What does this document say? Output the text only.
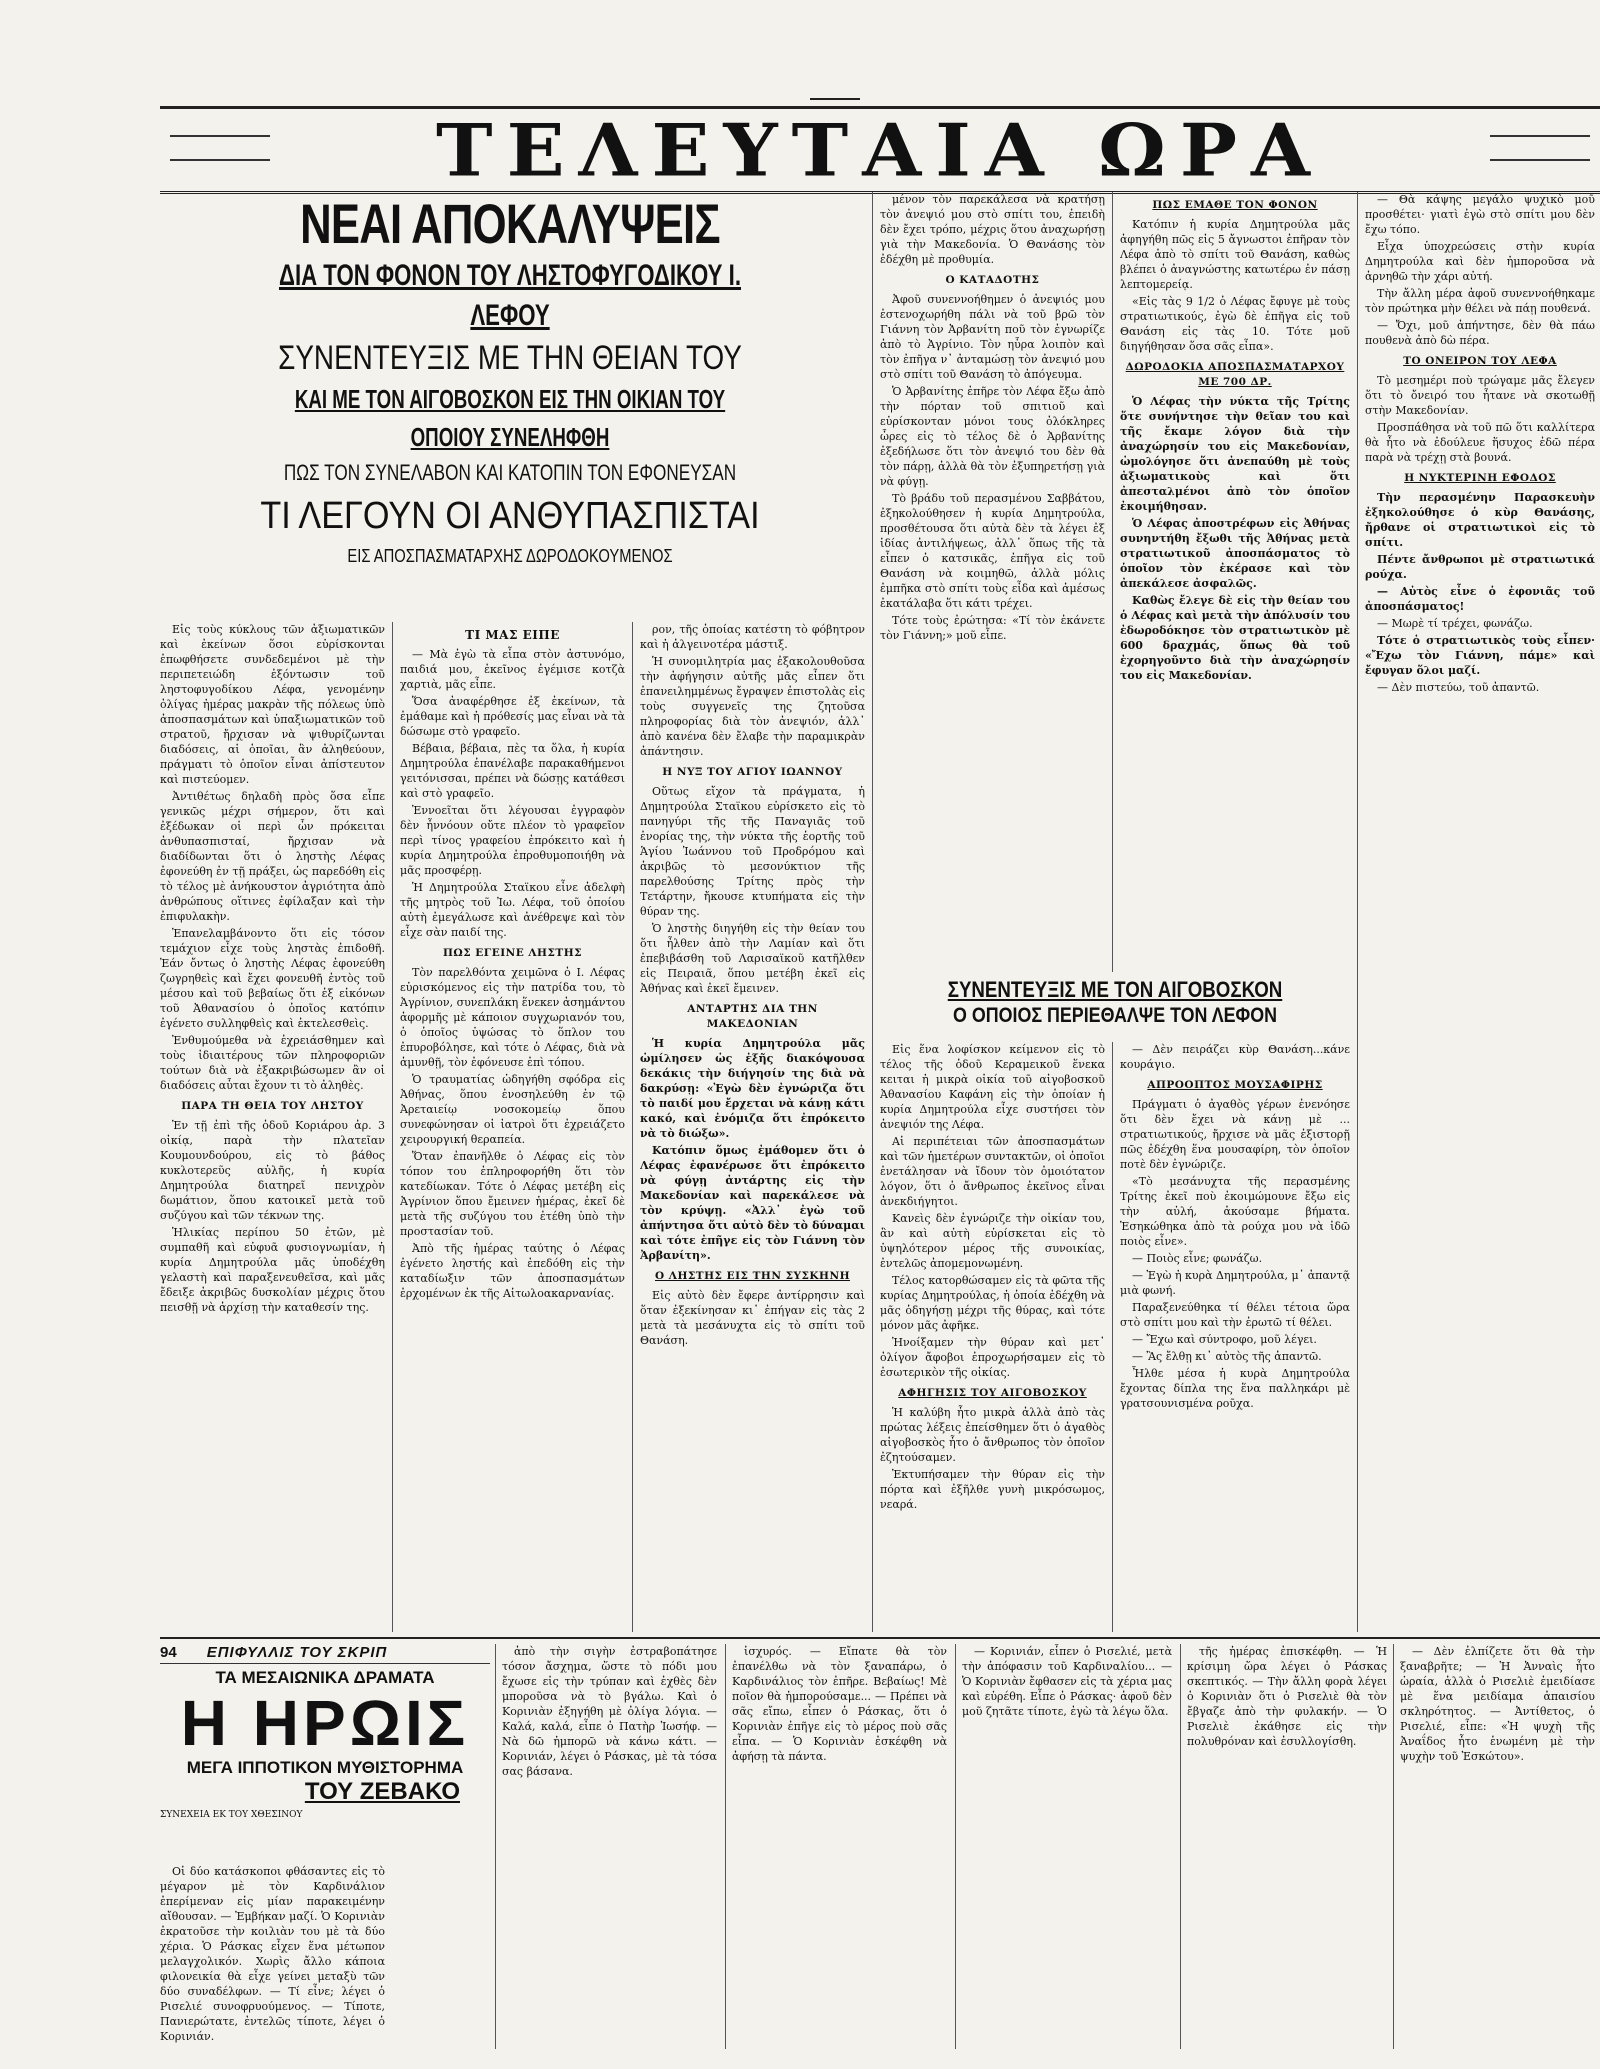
ΤΕΛΕΥΤΑΙΑ ΩΡΑ
ΝΕΑΙ ΑΠΟΚΑΛΥΨΕΙΣ
ΔΙΑ ΤΟΝ ΦΟΝΟΝ ΤΟΥ ΛΗΣΤΟΦΥΓΟΔΙΚΟΥ Ι. ΛΕΦΟΥ
ΣΥΝΕΝΤΕΥΞΙΣ ΜΕ ΤΗΝ ΘΕΙΑΝ ΤΟΥ
ΚΑΙ ΜΕ ΤΟΝ ΑΙΓΟΒΟΣΚΟΝ ΕΙΣ ΤΗΝ ΟΙΚΙΑΝ ΤΟΥ ΟΠΟΙΟΥ ΣΥΝΕΛΗΦΘΗ
ΠΩΣ ΤΟΝ ΣΥΝΕΛΑΒΟΝ ΚΑΙ ΚΑΤΟΠΙΝ ΤΟΝ ΕΦΟΝΕΥΣΑΝ
ΤΙ ΛΕΓΟΥΝ ΟΙ ΑΝΘΥΠΑΣΠΙΣΤΑΙ
ΕΙΣ ΑΠΟΣΠΑΣΜΑΤΑΡΧΗΣ ΔΩΡΟΔΟΚΟΥΜΕΝΟΣ

Εἰς τοὺς κύκλους τῶν ἀξιωματικῶν καὶ ἐκείνων ὅσοι εὑρίσκονται ἐπωφθήσετε συνδεδεμένοι μὲ τὴν περιπετειώδη ἐξόντωσιν τοῦ ληστοφυγοδίκου Λέφα, γενομένην ὀλίγας ἡμέρας μακρὰν τῆς πόλεως ὑπὸ ἀποσπασμάτων καὶ ὑπαξιωματικῶν τοῦ στρατοῦ, ἤρχισαν νὰ ψιθυρίζωνται διαδόσεις, αἱ ὁποῖαι, ἂν ἀληθεύουν, πράγματι τὸ ὁποῖον εἶναι ἀπίστευτον καὶ πιστεύομεν.

Ἀντιθέτως δηλαδὴ πρὸς ὅσα εἶπε γενικῶς μέχρι σήμερον, ὅτι καὶ ἐξέδωκαν οἱ περὶ ὧν πρόκειται ἀνθυπασπισταί, ἤρχισαν νὰ διαδίδωνται ὅτι ὁ ληστὴς Λέφας ἐφονεύθη ἐν τῇ πράξει, ὡς παρεδόθη εἰς τὸ τέλος μὲ ἀνήκουστον ἀγριότητα ἀπὸ ἀνθρώπους οἵτινες ἐφίλαξαν καὶ τὴν ἐπιφυλακὴν.

Ἐπανελαμβάνοντο ὅτι εἰς τόσον τεμάχιον εἶχε τοὺς ληστὰς ἐπιδοθῆ. Ἐάν ὄντως ὁ ληστὴς Λέφας ἐφονεύθη ζωγρηθεὶς καὶ ἔχει φονευθῆ ἐντὸς τοῦ μέσου καὶ τοῦ βεβαίως ὅτι ἐξ εἰκόνων τοῦ Ἀθανασίου ὁ ὁποῖος κατόπιν ἐγένετο συλληφθεὶς καὶ ἐκτελεσθεὶς.

Ἐνθυμούμεθα νὰ ἐχρειάσθημεν καὶ τοὺς ἰδιαιτέρους τῶν πληροφοριῶν τούτων διὰ νὰ ἐξακριβώσωμεν ἂν οἱ διαδόσεις αὗται ἔχουν τι τὸ ἀληθὲς.

ΠΑΡΑ ΤΗ ΘΕΙΑ ΤΟΥ ΛΗΣΤΟΥ

Ἐν τῇ ἐπὶ τῆς ὁδοῦ Κοριάρου ἀρ. 3 οἰκίᾳ, παρὰ τὴν πλατεῖαν Κουμουνδούρου, εἰς τὸ βάθος κυκλοτερεῦς αὐλῆς, ἡ κυρία Δημητρούλα διατηρεῖ πενιχρὸν δωμάτιον, ὅπου κατοικεῖ μετὰ τοῦ συζύγου καὶ τῶν τέκνων της.

Ἡλικίας περίπου 50 ἐτῶν, μὲ συμπαθῆ καὶ εὐφυᾶ φυσιογνωμίαν, ἡ κυρία Δημητρούλα μᾶς ὑποδέχθη γελαστὴ καὶ παραξενευθεῖσα, καὶ μᾶς ἔδειξε ἀκριβῶς δυσκολίαν μέχρις ὅτου πεισθῇ νὰ ἀρχίσῃ τὴν καταθεσίν της.

ΤΙ ΜΑΣ ΕΙΠΕ

— Μὰ ἐγὼ τὰ εἶπα στὸν ἀστυνόμο, παιδιά μου, ἐκεῖνος ἐγέμισε κοτζὰ χαρτιὰ, μᾶς εἶπε.

Ὅσα ἀναφέρθησε ἐξ ἐκείνων, τὰ ἐμάθαμε καὶ ἡ πρόθεσίς μας εἶναι νὰ τὰ δώσωμε στὸ γραφεῖο.

Βέβαια, βέβαια, πὲς τα ὅλα, ἡ κυρία Δημητρούλα ἐπανέλαβε παρακαθήμενοι γειτόνισσαι, πρέπει νὰ δώσῃς κατάθεσι καὶ στὸ γραφεῖο.

Ἐννοεῖται ὅτι λέγουσαι ἐγγραφὸν δὲν ἦννόουν οὔτε πλέον τὸ γραφεῖον περὶ τίνος γραφείου ἐπρόκειτο καὶ ἡ κυρία Δημητρούλα ἐπροθυμοποιήθη νὰ μᾶς προσφέρῃ.

Ἡ Δημητρούλα Σταϊκου εἶνε ἀδελφὴ τῆς μητρὸς τοῦ Ἰω. Λέφα, τοῦ ὁποίου αὐτὴ ἐμεγάλωσε καὶ ἀνέθρεψε καὶ τὸν εἶχε σὰν παιδί της.

ΠΩΣ ΕΓΕΙΝΕ ΛΗΣΤΗΣ

Τὸν παρελθόντα χειμῶνα ὁ Ι. Λέφας εὑρισκόμενος εἰς τὴν πατρίδα του, τὸ Ἀγρίνιον, συνεπλάκη ἕνεκεν ἀσημάντου ἀφορμῆς μὲ κάποιον συγχωριανόν του, ὁ ὁποῖος ὑψώσας τὸ ὅπλον του ἐπυροβόλησε, καὶ τότε ὁ Λέφας, διὰ νὰ ἀμυνθῇ, τὸν ἐφόνευσε ἐπὶ τόπου.

Ὁ τραυματίας ὡδηγήθη σφόδρα εἰς Ἀθήνας, ὅπου ἐνοσηλεύθη ἐν τῷ Ἀρεταιείῳ νοσοκομείῳ ὅπου συνεφώνησαν οἱ ἰατροὶ ὅτι ἐχρειάζετο χειρουργική θεραπεία.

Ὅταν ἐπανῆλθε ὁ Λέφας εἰς τὸν τόπον του ἐπληροφορήθη ὅτι τὸν κατεδίωκαν. Τότε ὁ Λέφας μετέβη εἰς Ἀγρίνιον ὅπου ἔμεινεν ἡμέρας, ἐκεῖ δὲ μετὰ τῆς συζύγου του ἐτέθη ὑπὸ τὴν προστασίαν τοῦ.

Ἀπὸ τῆς ἡμέρας ταύτης ὁ Λέφας ἐγένετο ληστής καὶ ἐπεδόθη εἰς τὴν καταδίωξιν τῶν ἀποσπασμάτων ἐρχομένων ἐκ τῆς Αἰτωλοακαρνανίας.

ρον, τῆς ὁποίας κατέστη τὸ φόβητρον καὶ ἡ ἀλγεινοτέρα μάστιξ.

Ἡ συνομιλητρία μας ἐξακολουθοῦσα τὴν ἀφήγησιν αὐτῆς μᾶς εἶπεν ὅτι ἐπανειλημμένως ἔγραψεν ἐπιστολὰς εἰς τοὺς συγγενεῖς της ζητοῦσα πληροφορίας διὰ τὸν ἀνεψιόν, ἀλλ᾽ ἀπὸ κανένα δὲν ἔλαβε τὴν παραμικρὰν ἀπάντησιν.

Η ΝΥΞ ΤΟΥ ΑΓΙΟΥ ΙΩΑΝΝΟΥ

Οὕτως εἴχον τὰ πράγματα, ἡ Δημητρούλα Σταϊκου εὑρίσκετο εἰς τὸ πανηγύρι τῆς τῆς Παναγιᾶς τοῦ ἐνορίας της, τὴν νύκτα τῆς ἑορτῆς τοῦ Ἁγίου Ἰωάννου τοῦ Προδρόμου καὶ ἀκριβῶς τὸ μεσονύκτιον τῆς παρελθούσης Τρίτης πρὸς τὴν Τετάρτην, ἤκουσε κτυπήματα εἰς τὴν θύραν της.

Ὁ ληστὴς διηγήθη εἰς τὴν θείαν του ὅτι ἦλθεν ἀπὸ τὴν Λαμίαν καὶ ὅτι ἐπεβιβάσθη τοῦ Λαρισαϊκοῦ κατῆλθεν εἰς Πειραιᾶ, ὅπου μετέβη ἐκεῖ εἰς Ἀθήνας καὶ ἐκεῖ ἔμεινεν.

ΑΝΤΑΡΤΗΣ ΔΙΑ ΤΗΝ ΜΑΚΕΔΟΝΙΑΝ

Ἡ κυρία Δημητρούλα μᾶς ὡμίλησεν ὡς ἐξῆς διακόψουσα δεκάκις τὴν διήγησίν της διὰ νὰ δακρύσῃ: «Ἐγὼ δὲν ἐγνώριζα ὅτι τὸ παιδί μου ἔρχεται νὰ κάνῃ κάτι κακό, καὶ ἐνόμιζα ὅτι ἐπρόκειτο νὰ τὸ διώξω».

Κατόπιν ὅμως ἐμάθομεν ὅτι ὁ Λέφας ἐφανέρωσε ὅτι ἐπρόκειτο νὰ φύγῃ ἀντάρτης εἰς τὴν Μακεδονίαν καὶ παρεκάλεσε νὰ τὸν κρύψῃ. «Ἀλλ᾽ ἐγὼ τοῦ ἀπήντησα ὅτι αὐτὸ δὲν τὸ δύναμαι καὶ τότε ἐπῆγε εἰς τὸν Γιάννη τὸν Ἀρβανίτη».

Ο ΛΗΣΤΗΣ ΕΙΣ ΤΗΝ ΣΥΣΚΗΝΗ

Εἰς αὐτὸ δὲν ἔφερε ἀντίρρησιν καὶ ὅταν ἐξεκίνησαν κι᾽ ἐπήγαν εἰς τὰς 2 μετὰ τὰ μεσάνυχτα εἰς τὸ σπίτι τοῦ Θανάση.

μένον τὸν παρεκάλεσα νὰ κρατήσῃ τὸν ἀνεψιό μου στὸ σπίτι του, ἐπειδὴ δὲν ἔχει τρόπο, μέχρις ὅτου ἀναχωρήσῃ γιὰ τὴν Μακεδονία. Ὁ Θανάσης τὸν ἐδέχθη μὲ προθυμία.

Ο ΚΑΤΑΔΟΤΗΣ

Ἀφοῦ συνεννοήθημεν ὁ ἀνεψιός μου ἐστενοχωρήθη πάλι νὰ τοῦ βρῶ τὸν Γιάννη τὸν Ἀρβανίτη ποῦ τὸν ἐγνωρίζε ἀπὸ τὸ Ἀγρίνιο. Τὸν ηὗρα λοιπὸν καὶ τὸν ἐπῆγα ν᾽ ἀνταμώσῃ τὸν ἀνεψιό μου στὸ σπίτι τοῦ Θανάση τὸ ἀπόγευμα.

Ὁ Ἀρβανίτης ἐπῆρε τὸν Λέφα ἔξω ἀπὸ τὴν πόρταν τοῦ σπιτιοῦ καὶ εὑρίσκονταν μόνοι τους ὀλόκληρες ὧρες εἰς τὸ τέλος δὲ ὁ Ἀρβανίτης ἐξεδήλωσε ὅτι τὸν ἀνεψιό του δὲν θὰ τὸν πάρῃ, ἀλλὰ θὰ τὸν ἐξυπηρετήσῃ γιὰ νὰ φύγῃ.

Τὸ βράδυ τοῦ περασμένου Σαββάτου, ἐξηκολούθησεν ἡ κυρία Δημητρούλα, προσθέτουσα ὅτι αὐτὰ δὲν τὰ λέγει ἐξ ἰδίας ἀντιλήψεως, ἀλλ᾽ ὅπως τῆς τὰ εἶπεν ὁ κατσικᾶς, ἐπῆγα εἰς τοῦ Θανάση νὰ κοιμηθῶ, ἀλλὰ μόλις ἐμπῆκα στὸ σπίτι τοὺς εἶδα καὶ ἀμέσως ἐκατάλαβα ὅτι κάτι τρέχει.

Τότε τοὺς ἐρώτησα: «Τί τὸν ἐκάνετε τὸν Γιάννη;» μοῦ εἶπε.

ΠΩΣ ΕΜΑΘΕ ΤΟΝ ΦΟΝΟΝ

Κατόπιν ἡ κυρία Δημητρούλα μᾶς ἀφηγήθη πῶς εἰς 5 ἄγνωστοι ἐπῆραν τὸν Λέφα ἀπὸ τὸ σπίτι τοῦ Θανάση, καθὼς βλέπει ὁ ἀναγνώστης κατωτέρω ἐν πάσῃ λεπτομερείᾳ.

«Εἰς τὰς 9 1/2 ὁ Λέφας ἔφυγε μὲ τοὺς στρατιωτικούς, ἐγὼ δὲ ἐπῆγα εἰς τοῦ Θανάση εἰς τὰς 10. Τότε μοῦ διηγήθησαν ὅσα σᾶς εἶπα».

ΔΩΡΟΔΟΚΙΑ ΑΠΟΣΠΑΣΜΑΤΑΡΧΟΥ ΜΕ 700 ΔΡ.

Ὁ Λέφας τὴν νύκτα τῆς Τρίτης ὅτε συνήντησε τὴν θεῖαν του καὶ τῆς ἔκαμε λόγον διὰ τὴν ἀναχώρησίν του εἰς Μακεδονίαν, ὡμολόγησε ὅτι ἀνεπαύθη μὲ τοὺς ἀξιωματικοὺς καὶ ὅτι ἀπεσταλμένοι ἀπὸ τὸν ὁποῖον ἐκοιμήθησαν.

Ὁ Λέφας ἀποστρέφων εἰς Ἀθήνας συνηντήθη ἔξωθι τῆς Ἀθήνας μετὰ στρατιωτικοῦ ἀποσπάσματος τὸ ὁποῖον τὸν ἐκέρασε καὶ τὸν ἀπεκάλεσε ἀσφαλῶς.

Καθὼς ἔλεγε δὲ εἰς τὴν θείαν του ὁ Λέφας καὶ μετὰ τὴν ἀπόλυσίν του ἐδωροδόκησε τὸν στρατιωτικὸν μὲ 600 δραχμάς, ὅπως θὰ τοῦ ἐχορηγοῦντο διὰ τὴν ἀναχώρησίν του εἰς Μακεδονίαν.

ΣΥΝΕΝΤΕΥΞΙΣ ΜΕ ΤΟΝ ΑΙΓΟΒΟΣΚΟΝ
Ο ΟΠΟΙΟΣ ΠΕΡΙΕΘΑΛΨΕ ΤΟΝ ΛΕΦΟΝ

Εἰς ἕνα λοφίσκον κείμενον εἰς τὸ τέλος τῆς ὁδοῦ Κεραμεικοῦ ἕνεκα κειται ἡ μικρὰ οἰκία τοῦ αἰγοβοσκοῦ Ἀθανασίου Καφάνη εἰς τὴν ὁποίαν ἡ κυρία Δημητρούλα εἶχε συστήσει τὸν ἀνεψιόν της Λέφα.

Αἱ περιπέτειαι τῶν ἀποσπασμάτων καὶ τῶν ἡμετέρων συντακτῶν, οἱ ὁποῖοι ἐνετάλησαν νὰ ἴδουν τὸν ὁμοιότατον λόγον, ὅτι ὁ ἄνθρωπος ἐκεῖνος εἶναι ἀνεκδιήγητοι.

Κανεὶς δὲν ἐγνώριζε τὴν οἰκίαν του, ἂν καὶ αὐτὴ εὑρίσκεται εἰς τὸ ὑψηλότερον μέρος τῆς συνοικίας, ἐντελῶς ἀπομεμονωμένη.

Τέλος κατορθώσαμεν εἰς τὰ φῶτα τῆς κυρίας Δημητρούλας, ἡ ὁποία ἐδέχθη νὰ μᾶς ὁδηγήσῃ μέχρι τῆς θύρας, καὶ τότε μόνον μᾶς ἀφῆκε.

Ἠνοίξαμεν τὴν θύραν καὶ μετ᾽ ὀλίγον ἄφοβοι ἐπροχωρήσαμεν εἰς τὸ ἐσωτερικὸν τῆς οἰκίας.

ΑΦΗΓΗΣΙΣ ΤΟΥ ΑΙΓΟΒΟΣΚΟΥ

Ἡ καλύβη ἧτο μικρὰ ἀλλὰ ἀπὸ τὰς πρώτας λέξεις ἐπείσθημεν ὅτι ὁ ἀγαθὸς αἰγοβοσκὸς ἦτο ὁ ἄνθρωπος τὸν ὁποῖον ἐζητούσαμεν.

Ἐκτυπήσαμεν τὴν θύραν εἰς τὴν πόρτα καὶ ἐξῆλθε γυνὴ μικρόσωμος, νεαρά.

— Δὲν πειράζει κὺρ Θανάση...κάνε κουράγιο.

ΑΠΡΟΟΠΤΟΣ ΜΟΥΣΑΦΙΡΗΣ

Πράγματι ὁ ἀγαθὸς γέρων ἐνενόησε ὅτι δὲν ἔχει νὰ κάνῃ μὲ ... στρατιωτικούς, ἤρχισε νὰ μᾶς ἐξιστορῇ πῶς ἐδέχθη ἕνα μουσαφίρη, τὸν ὁποῖον ποτὲ δὲν ἐγνώριζε.

«Τὸ μεσάνυχτα τῆς περασμένης Τρίτης ἐκεῖ ποὺ ἐκοιμώμουνε ἔξω εἰς τὴν αὐλή, ἀκούσαμε βήματα. Ἐσηκώθηκα ἀπὸ τὰ ρούχα μου νὰ ἰδῶ ποιὸς εἶνε».

— Ποιὸς εἶνε; φωνάζω.

— Ἐγὼ ἡ κυρὰ Δημητρούλα, μ᾽ ἀπαντᾷ μιὰ φωνή.

Παραξενεύθηκα τί θέλει τέτοια ὥρα στὸ σπίτι μου καὶ τὴν ἐρωτῶ τί θέλει.

— Ἔχω καὶ σύντροφο, μοῦ λέγει.

— Ἂς ἔλθῃ κι᾽ αὐτὸς τῆς ἀπαντῶ.

Ἦλθε μέσα ἡ κυρὰ Δημητρούλα ἔχοντας δίπλα της ἕνα παλληκάρι μὲ γρατσουνισμένα ροῦχα.

— Θὰ κάψης μεγάλο ψυχικὸ μοῦ προσθέτει· γιατὶ ἐγὼ στὸ σπίτι μου δὲν ἔχω τόπο.

Εἶχα ὑποχρεώσεις στὴν κυρία Δημητρούλα καὶ δὲν ἠμποροῦσα νὰ ἀρνηθῶ τὴν χάρι αὐτή.

Τὴν ἄλλη μέρα ἀφοῦ συνεννοήθηκαμε τὸν πρώτηκα μὴν θέλει νὰ πάῃ πουθενά.

— Ὄχι, μοῦ ἀπήντησε, δὲν θὰ πάω πουθενὰ ἀπὸ δὼ πέρα.

ΤΟ ΟΝΕΙΡΟΝ ΤΟΥ ΛΕΦΑ

Τὸ μεσημέρι ποὺ τρώγαμε μᾶς ἔλεγεν ὅτι τὸ ὄνειρό του ἦτανε νὰ σκοτωθῇ στὴν Μακεδονίαν.

Προσπάθησα νὰ τοῦ πῶ ὅτι καλλίτερα θὰ ἦτο νὰ ἐδούλευε ἥσυχος ἐδῶ πέρα παρὰ νὰ τρέχῃ στὰ βουνά.

Η ΝΥΚΤΕΡΙΝΗ ΕΦΟΔΟΣ

Τὴν περασμένην Παρασκευὴν ἐξηκολούθησε ὁ κὺρ Θανάσης, ἤρθανε οἱ στρατιωτικοὶ εἰς τὸ σπίτι.

Πέντε ἄνθρωποι μὲ στρατιωτικά ρούχα.

— Αὐτὸς εἶνε ὁ ἐφονιᾶς τοῦ ἀποσπάσματος!

— Μωρὲ τί τρέχει, φωνάζω.

Τότε ὁ στρατιωτικὸς τοὺς εἶπεν· «Ἔχω τὸν Γιάννη, πάμε» καὶ ἔφυγαν ὅλοι μαζί.

— Δὲν πιστεύω, τοῦ ἀπαντῶ.

94 ΕΠΙΦΥΛΛΙΣ ΤΟΥ ΣΚΡΙΠ
ΤΑ ΜΕΣΑΙΩΝΙΚΑ ΔΡΑΜΑΤΑ
Η ΗΡΩΙΣ
ΜΕΓΑ ΙΠΠΟΤΙΚΟΝ ΜΥΘΙΣΤΟΡΗΜΑ
ΤΟΥ ΖΕΒΑΚΟ
ΣΥΝΕΧΕΙΑ ΕΚ ΤΟΥ ΧΘΕΣΙΝΟΥ

Οἱ δύο κατάσκοποι φθάσαντες εἰς τὸ μέγαρον μὲ τὸν Καρδινάλιον ἐπερίμεναν εἰς μίαν παρακειμένην αἴθουσαν. — Ἐμβήκαν μαζί. Ὁ Κορινιὰν ἐκρατοῦσε τὴν κοιλιὰν του μὲ τὰ δύο χέρια. Ὁ Ράσκας εἶχεν ἕνα μέτωπον μελαγχολικόν. Χωρὶς ἄλλο κάποια φιλονεικία θὰ εἶχε γείνει μεταξὺ τῶν δύο συναδέλφων. — Τί εἶνε; λέγει ὁ Ρισελιέ συνοφρυούμενος. — Τίποτε, Πανιερώτατε, ἐντελῶς τίποτε, λέγει ὁ Κορινιάν.

ἀπὸ τὴν σιγὴν ἐστραβοπάτησε τόσον ἄσχημα, ὥστε τὸ πόδι μου ἔχωσε εἰς τὴν τρύπαν καὶ ἐχθὲς δὲν μποροῦσα νὰ τὸ βγάλω. Καὶ ὁ Κορινιὰν ἐξηγήθη μὲ ὀλίγα λόγια. — Καλά, καλά, εἶπε ὁ Πατὴρ Ἰωσήφ. — Νὰ δῶ ἠμπορῶ νὰ κάνω κάτι. — Κορινιάν, λέγει ὁ Ράσκας, μὲ τὰ τόσα σας βάσανα.

ἰσχυρός. — Εἴπατε θὰ τὸν ἐπανέλθω νὰ τὸν ξαναπάρω, ὁ Καρδινάλιος τὸν ἐπῆρε. Βεβαίως! Μὲ ποῖον θὰ ἠμπορούσαμε... — Πρέπει νὰ σᾶς εἴπω, εἶπεν ὁ Ράσκας, ὅτι ὁ Κορινιὰν ἐπῆγε εἰς τὸ μέρος ποὺ σᾶς εἶπα. — Ὁ Κορινιὰν ἐσκέφθη νὰ ἀφήσῃ τὰ πάντα.

— Κορινιάν, εἶπεν ὁ Ρισελιέ, μετὰ τὴν ἀπόφασιν τοῦ Καρδιναλίου... — Ὁ Κορινιὰν ἔφθασεν εἰς τὰ χέρια μας καὶ εὑρέθη. Εἶπε ὁ Ράσκας· ἀφοῦ δὲν μοῦ ζητᾶτε τίποτε, ἐγὼ τὰ λέγω ὅλα.

τῆς ἡμέρας ἐπισκέφθη. — Ἡ κρίσιμη ὥρα λέγει ὁ Ράσκας σκεπτικός. — Τὴν ἄλλη φορὰ λέγει ὁ Κορινιὰν ὅτι ὁ Ρισελιὲ θὰ τὸν ἔβγαζε ἀπὸ τὴν φυλακήν. — Ὁ Ρισελιὲ ἐκάθησε εἰς τὴν πολυθρόναν καὶ ἐσυλλογίσθη.

— Δὲν ἐλπίζετε ὅτι θὰ τὴν ξαναβρῆτε; — Ἡ Ἀνναὶς ἦτο ὡραία, ἀλλὰ ὁ Ρισελιὲ ἐμειδίασε μὲ ἕνα μειδίαμα ἀπαισίου σκληρότητος. — Ἀντίθετος, ὁ Ρισελιέ, εἶπε: «Ἡ ψυχὴ τῆς Ἀναΐδος ἦτο ἑνωμένη μὲ τὴν ψυχὴν τοῦ Ἐσκώτου».
